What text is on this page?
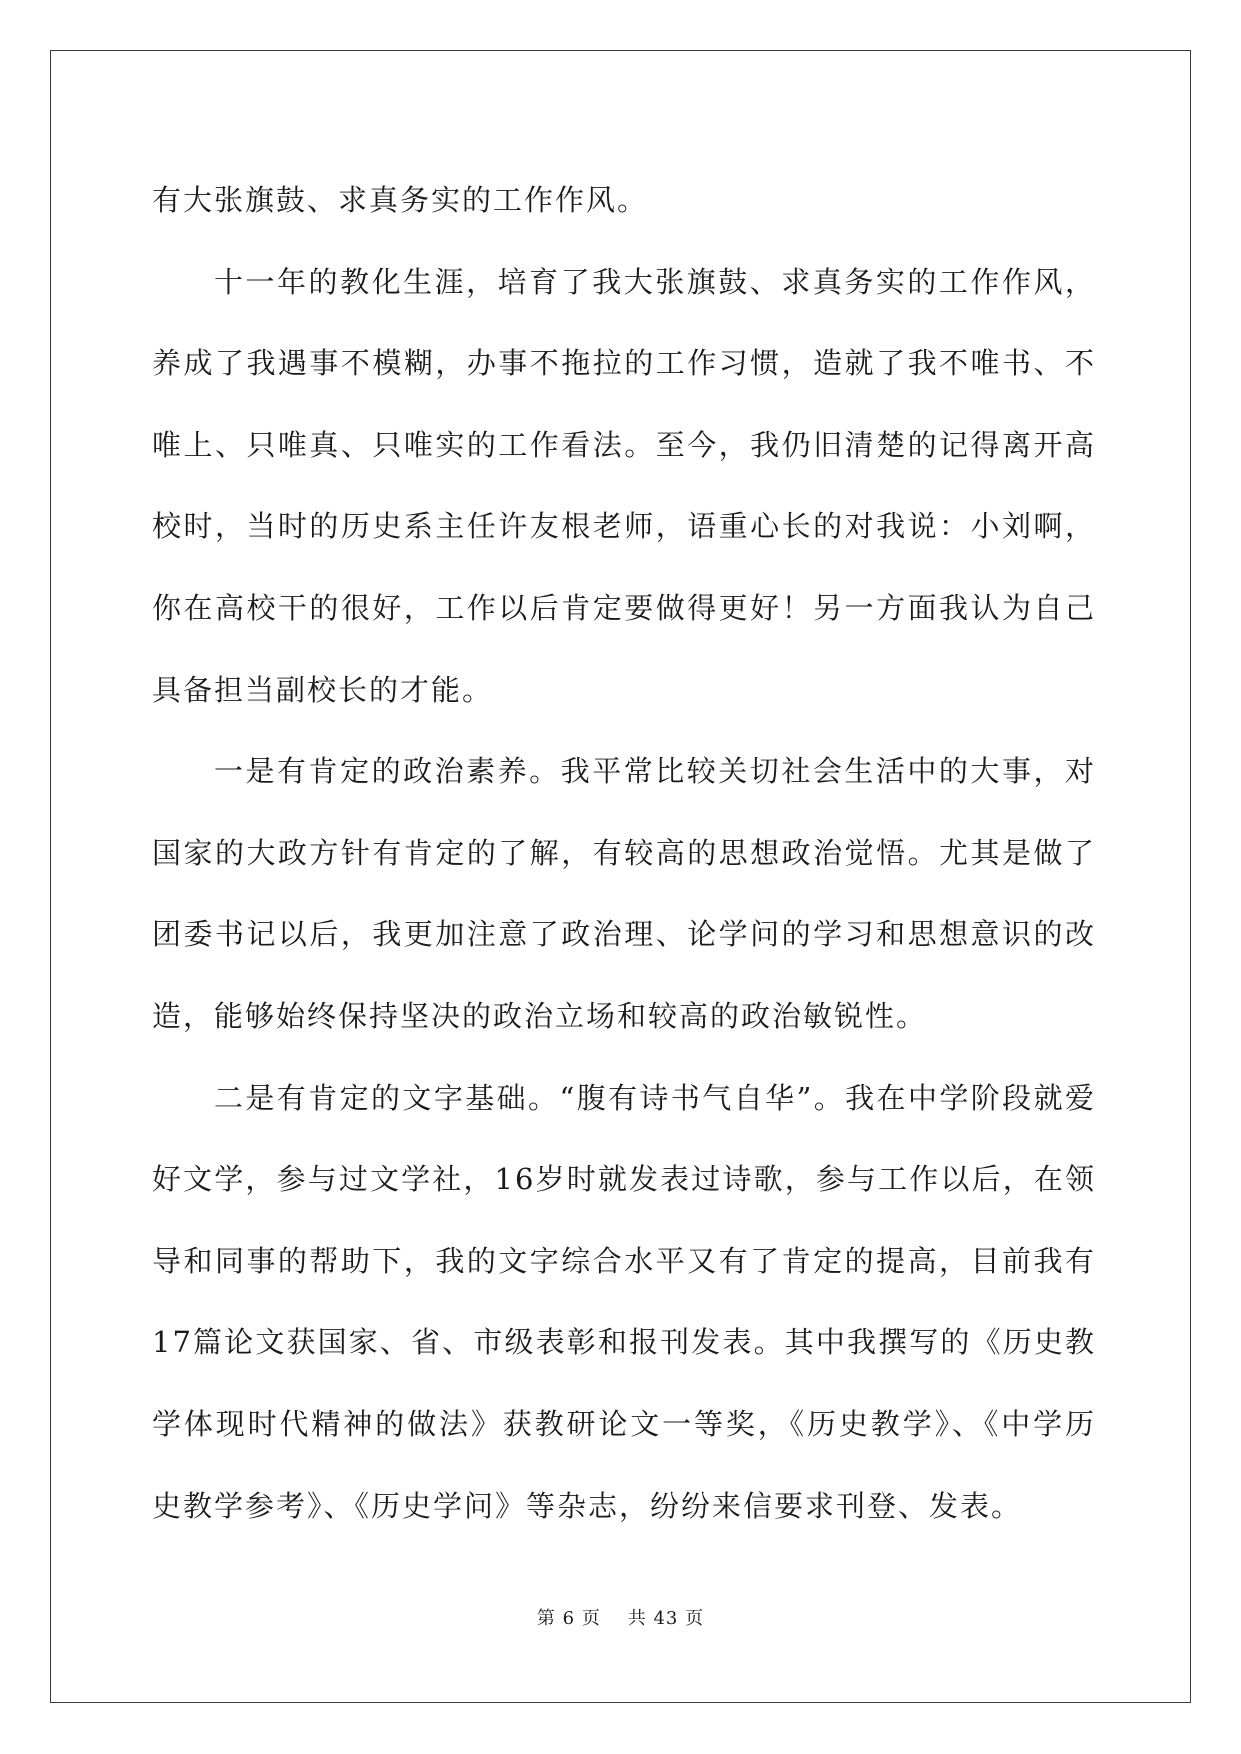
有大张旗鼓、求真务实的工作作风。

十一年的教化生涯，培育了我大张旗鼓、求真务实的工作作风，养成了我遇事不模糊，办事不拖拉的工作习惯，造就了我不唯书、不唯上、只唯真、只唯实的工作看法。至今，我仍旧清楚的记得离开高校时，当时的历史系主任许友根老师，语重心长的对我说：小刘啊，你在高校干的很好，工作以后肯定要做得更好！另一方面我认为自己具备担当副校长的才能。

一是有肯定的政治素养。我平常比较关切社会生活中的大事，对国家的大政方针有肯定的了解，有较高的思想政治觉悟。尤其是做了团委书记以后，我更加注意了政治理、论学问的学习和思想意识的改造，能够始终保持坚决的政治立场和较高的政治敏锐性。

二是有肯定的文字基础。“腹有诗书气自华”。我在中学阶段就爱好文学，参与过文学社，16岁时就发表过诗歌，参与工作以后，在领导和同事的帮助下，我的文字综合水平又有了肯定的提高，目前我有17篇论文获国家、省、市级表彰和报刊发表。其中我撰写的《历史教学体现时代精神的做法》获教研论文一等奖，《历史教学》、《中学历史教学参考》、《历史学问》等杂志，纷纷来信要求刊登、发表。

第 6 页 共 43 页
